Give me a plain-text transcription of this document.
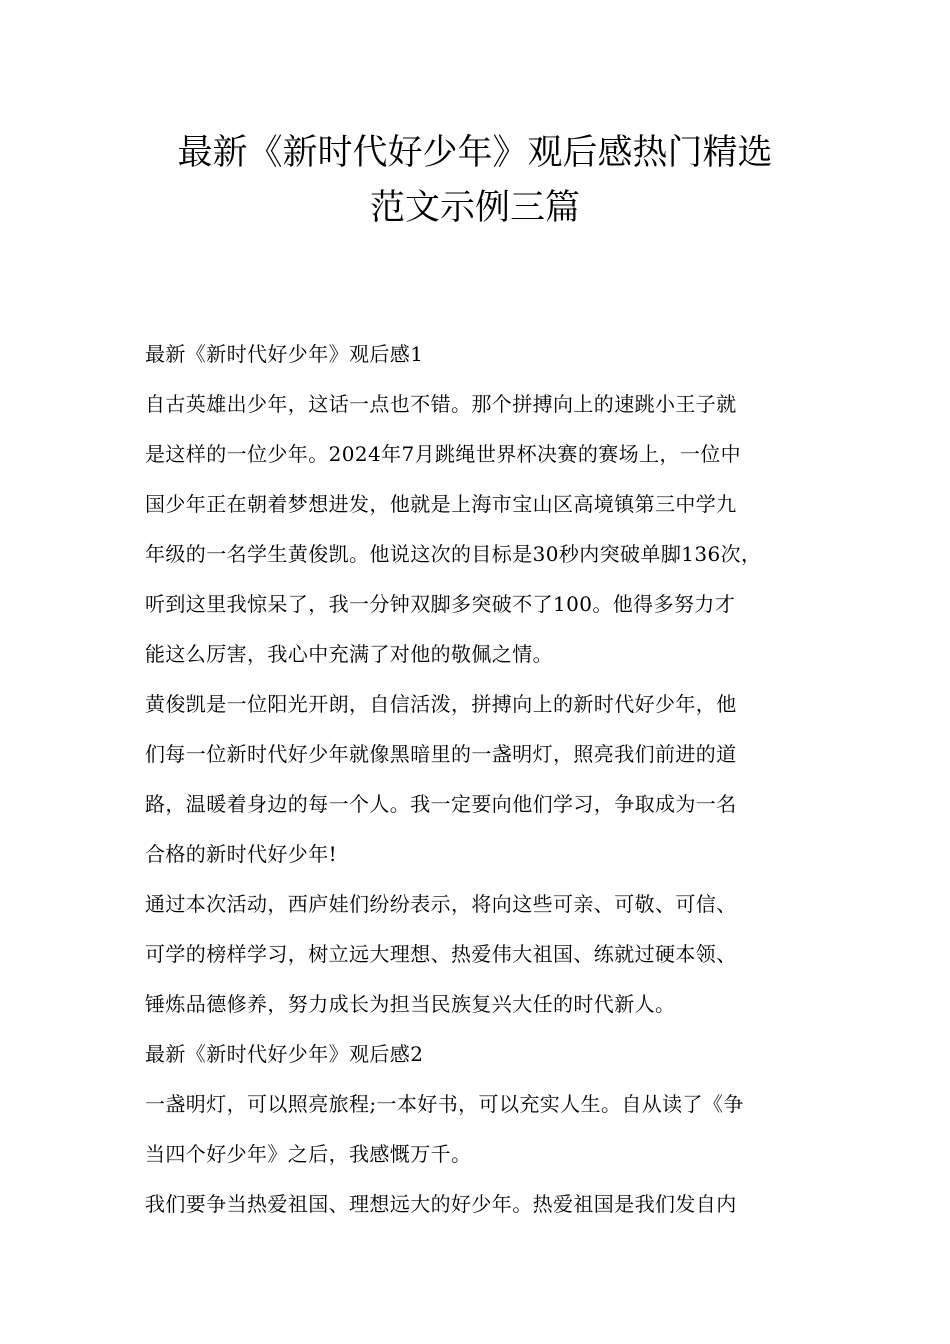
最新《新时代好少年》观后感热门精选
范文示例三篇

最新《新时代好少年》观后感1

自古英雄出少年，这话一点也不错。那个拼搏向上的速跳小王子就

是这样的一位少年。2024年7月跳绳世界杯决赛的赛场上，一位中

国少年正在朝着梦想进发，他就是上海市宝山区高境镇第三中学九

年级的一名学生黄俊凯。他说这次的目标是30秒内突破单脚136次，

听到这里我惊呆了，我一分钟双脚多突破不了100。他得多努力才

能这么厉害，我心中充满了对他的敬佩之情。

黄俊凯是一位阳光开朗，自信活泼，拼搏向上的新时代好少年，他

们每一位新时代好少年就像黑暗里的一盏明灯，照亮我们前进的道

路，温暖着身边的每一个人。我一定要向他们学习，争取成为一名

合格的新时代好少年!

通过本次活动，西庐娃们纷纷表示，将向这些可亲、可敬、可信、

可学的榜样学习，树立远大理想、热爱伟大祖国、练就过硬本领、

锤炼品德修养，努力成长为担当民族复兴大任的时代新人。

最新《新时代好少年》观后感2

一盏明灯，可以照亮旅程;一本好书，可以充实人生。自从读了《争

当四个好少年》之后，我感慨万千。

我们要争当热爱祖国、理想远大的好少年。热爱祖国是我们发自内
